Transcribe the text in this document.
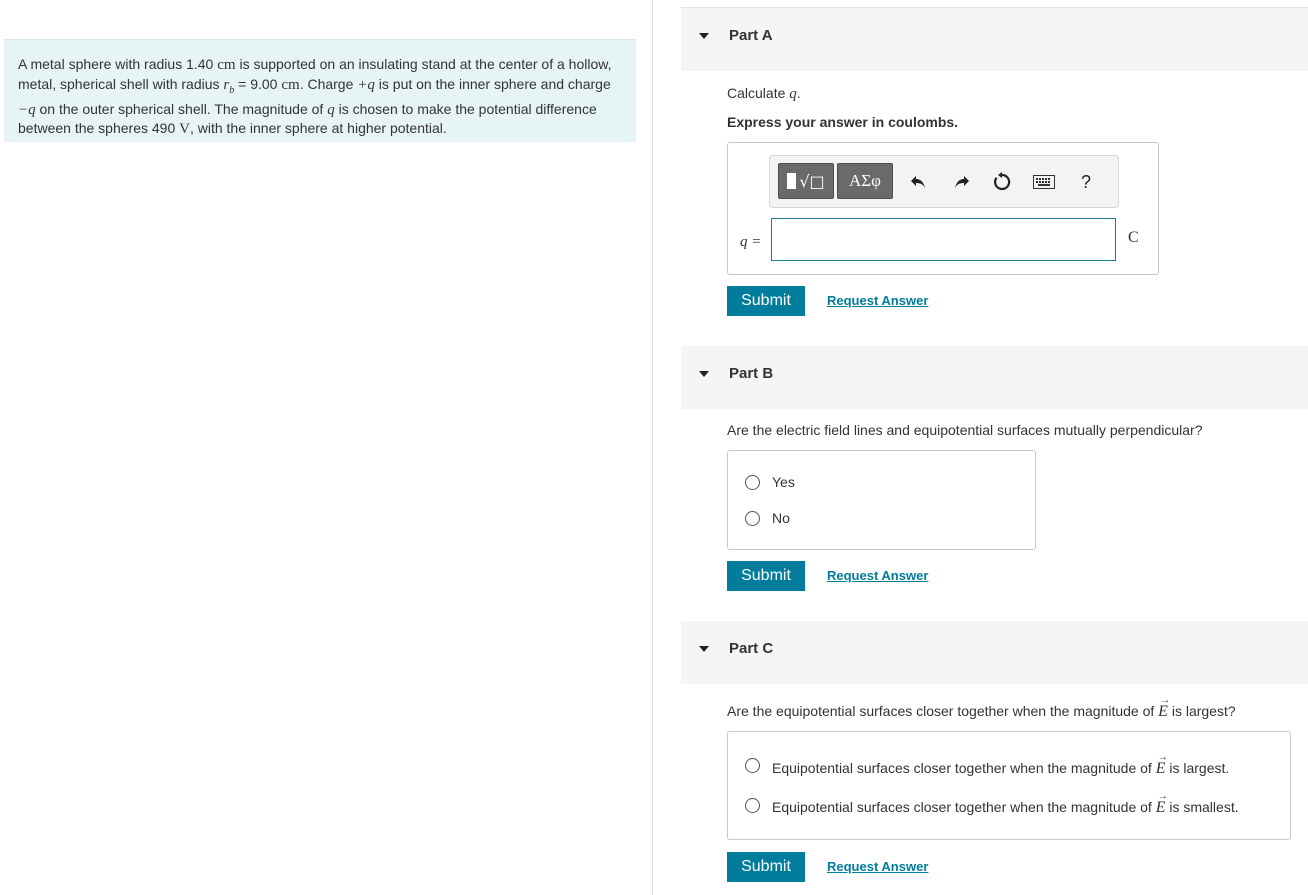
A metal sphere with radius 1.40 cm is supported on an insulating stand at the center of a hollow, metal, spherical shell with radius $r_b = 9.00$ cm. Charge +q is put on the inner sphere and charge −q on the outer spherical shell. The magnitude of q is chosen to make the potential difference between the spheres 490 V, with the inner sphere at higher potential.
Part A
Calculate q.
Express your answer in coulombs.
√□	ΑΣφ	?
q =	C
Submit	Request Answer
Part B
Are the electric field lines and equipotential surfaces mutually perpendicular?
Yes
No
Submit	Request Answer
Part C
Are the equipotential surfaces closer together when the magnitude of
→
E is largest?
Equipotential surfaces closer together when the magnitude of
→
E is largest.
Equipotential surfaces closer together when the magnitude of
→
E is smallest.
Submit	Request Answer
